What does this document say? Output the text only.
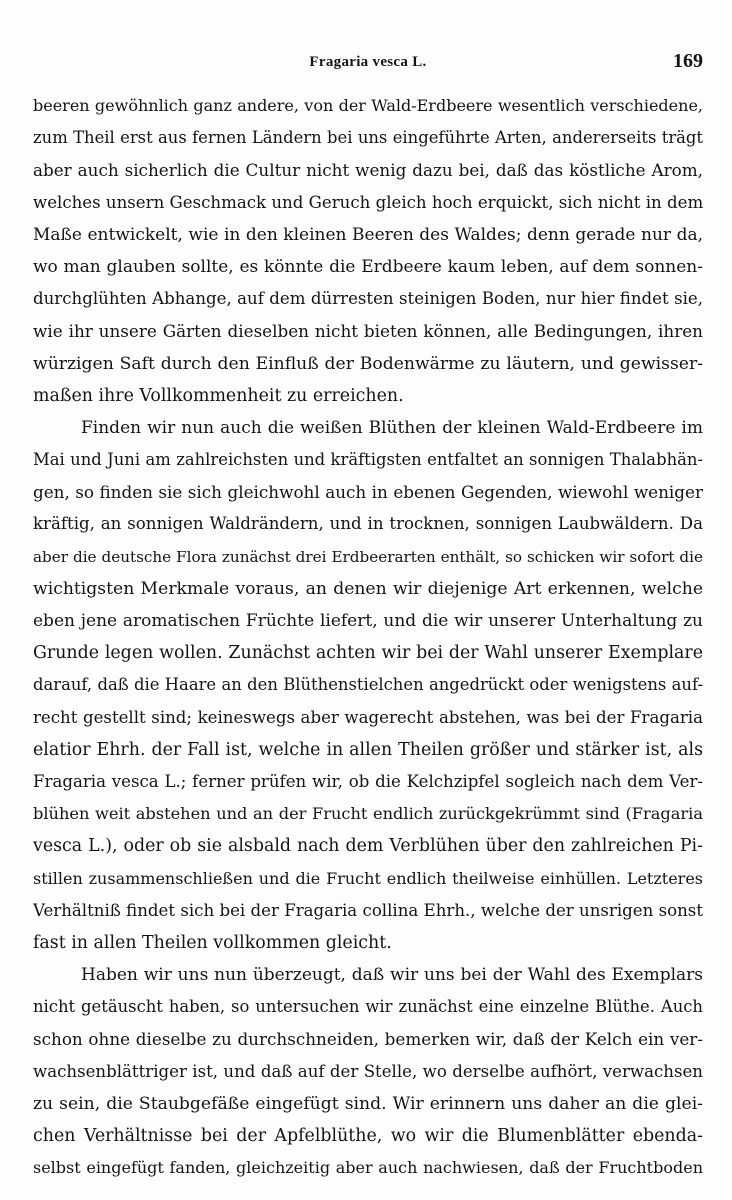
Fragaria vesca L.	169
beeren gewöhnlich ganz andere, von der Wald-Erdbeere wesentlich verschiedene,
zum Theil erst aus fernen Ländern bei uns eingeführte Arten, andererseits trägt
aber auch sicherlich die Cultur nicht wenig dazu bei, daß das köstliche Arom,
welches unsern Geschmack und Geruch gleich hoch erquickt, sich nicht in dem
Maße entwickelt, wie in den kleinen Beeren des Waldes; denn gerade nur da,
wo man glauben sollte, es könnte die Erdbeere kaum leben, auf dem sonnen-
durchglühten Abhange, auf dem dürresten steinigen Boden, nur hier findet sie,
wie ihr unsere Gärten dieselben nicht bieten können, alle Bedingungen, ihren
würzigen Saft durch den Einfluß der Bodenwärme zu läutern, und gewisser-
maßen ihre Vollkommenheit zu erreichen.
Finden wir nun auch die weißen Blüthen der kleinen Wald-Erdbeere im
Mai und Juni am zahlreichsten und kräftigsten entfaltet an sonnigen Thalabhän-
gen, so finden sie sich gleichwohl auch in ebenen Gegenden, wiewohl weniger
kräftig, an sonnigen Waldrändern, und in trocknen, sonnigen Laubwäldern. Da
aber die deutsche Flora zunächst drei Erdbeerarten enthält, so schicken wir sofort die
wichtigsten Merkmale voraus, an denen wir diejenige Art erkennen, welche
eben jene aromatischen Früchte liefert, und die wir unserer Unterhaltung zu
Grunde legen wollen. Zunächst achten wir bei der Wahl unserer Exemplare
darauf, daß die Haare an den Blüthenstielchen angedrückt oder wenigstens auf-
recht gestellt sind; keineswegs aber wagerecht abstehen, was bei der Fragaria
elatior Ehrh. der Fall ist, welche in allen Theilen größer und stärker ist, als
Fragaria vesca L.; ferner prüfen wir, ob die Kelchzipfel sogleich nach dem Ver-
blühen weit abstehen und an der Frucht endlich zurückgekrümmt sind (Fragaria
vesca L.), oder ob sie alsbald nach dem Verblühen über den zahlreichen Pi-
stillen zusammenschließen und die Frucht endlich theilweise einhüllen. Letzteres
Verhältniß findet sich bei der Fragaria collina Ehrh., welche der unsrigen sonst
fast in allen Theilen vollkommen gleicht.
Haben wir uns nun überzeugt, daß wir uns bei der Wahl des Exemplars
nicht getäuscht haben, so untersuchen wir zunächst eine einzelne Blüthe. Auch
schon ohne dieselbe zu durchschneiden, bemerken wir, daß der Kelch ein ver-
wachsenblättriger ist, und daß auf der Stelle, wo derselbe aufhört, verwachsen
zu sein, die Staubgefäße eingefügt sind. Wir erinnern uns daher an die glei-
chen Verhältnisse bei der Apfelblüthe, wo wir die Blumenblätter ebenda-
selbst eingefügt fanden, gleichzeitig aber auch nachwiesen, daß der Fruchtboden
